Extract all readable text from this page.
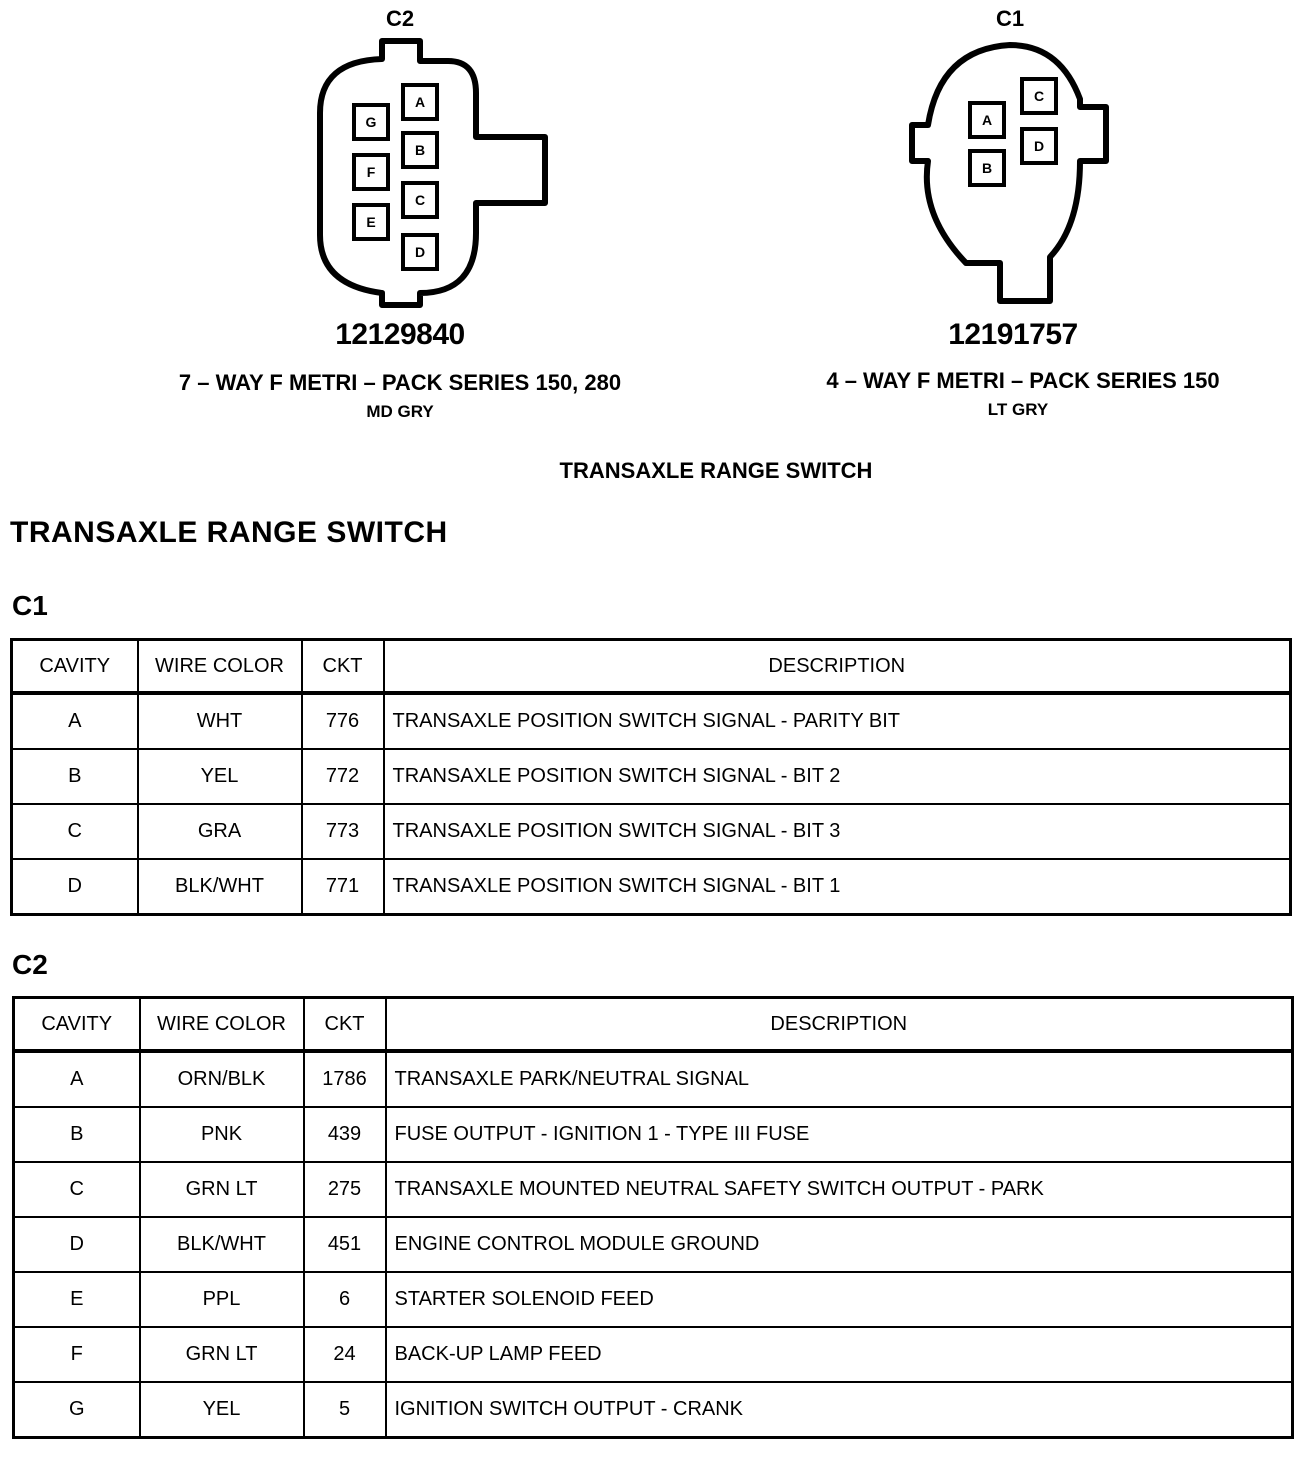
C2
G
F
E
A
B
C
D
12129840
7 – WAY F METRI – PACK SERIES 150, 280
MD GRY
C1
A
B
C
D
12191757
4 – WAY F METRI – PACK SERIES 150
LT GRY
TRANSAXLE RANGE SWITCH
TRANSAXLE RANGE SWITCH
C1
CAVITY	WIRE COLOR	CKT	DESCRIPTION
A	WHT	776	TRANSAXLE POSITION SWITCH SIGNAL - PARITY BIT
B	YEL	772	TRANSAXLE POSITION SWITCH SIGNAL - BIT 2
C	GRA	773	TRANSAXLE POSITION SWITCH SIGNAL - BIT 3
D	BLK/WHT	771	TRANSAXLE POSITION SWITCH SIGNAL - BIT 1
C2
CAVITY	WIRE COLOR	CKT	DESCRIPTION
A	ORN/BLK	1786	TRANSAXLE PARK/NEUTRAL SIGNAL
B	PNK	439	FUSE OUTPUT - IGNITION 1 - TYPE III FUSE
C	GRN LT	275	TRANSAXLE MOUNTED NEUTRAL SAFETY SWITCH OUTPUT - PARK
D	BLK/WHT	451	ENGINE CONTROL MODULE GROUND
E	PPL	6	STARTER SOLENOID FEED
F	GRN LT	24	BACK-UP LAMP FEED
G	YEL	5	IGNITION SWITCH OUTPUT - CRANK
